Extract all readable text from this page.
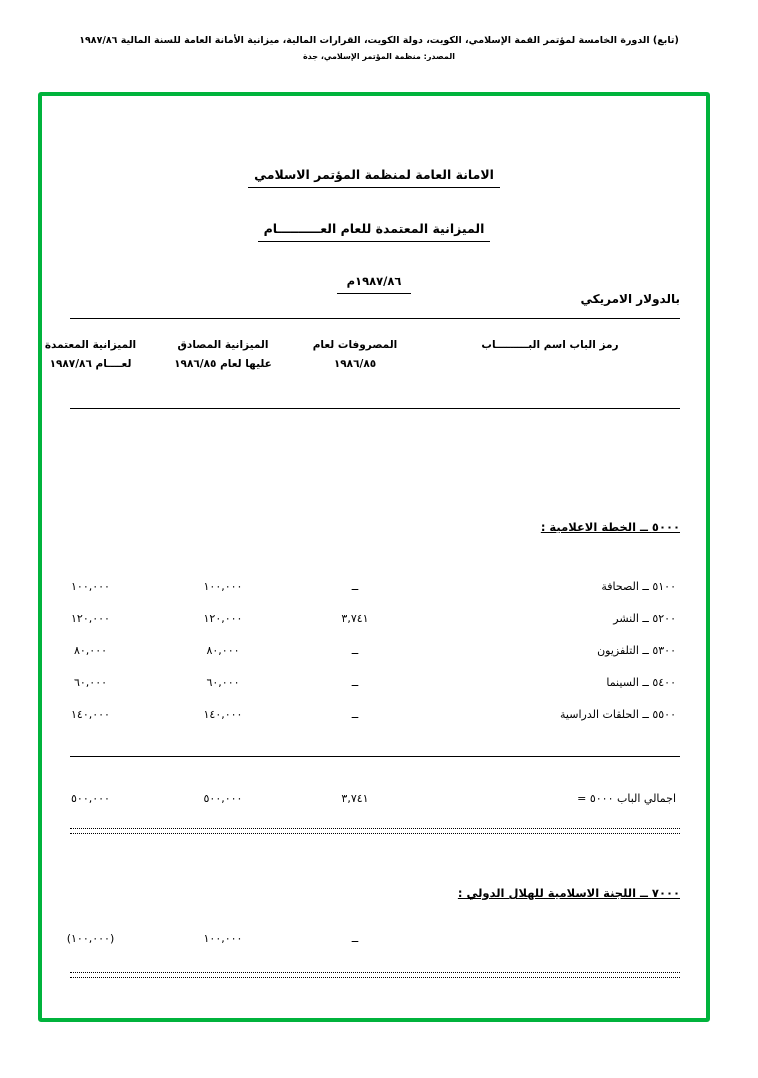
(تابع) الدورة الخامسة لمؤتمر القمة الإسلامي، الكويت، دولة الكويت، القرارات المالية، ميزانية الأمانة العامة للسنة المالية ١٩٨٧/٨٦
المصدر: منظمة المؤتمر الإسلامي، جدة
الامانة العامة لمنظمة المؤتمر الاسلامي
الميزانية المعتمدة للعام العــــــــــام
١٩٨٧/٨٦م
بالدولار الامريكي
رمز الباب اسم البـــــــــاب
المصروفات لعام
١٩٨٦/٨٥
الميزانية المصادق
عليها لعام ١٩٨٦/٨٥
الميزانية المعتمدة
لعــــام ١٩٨٧/٨٦
٥٠٠٠ ــ الخطة الاعلامية :
٥١٠٠ ــ الصحافة
ــ
١٠٠,٠٠٠
١٠٠,٠٠٠
٥٢٠٠ ــ النشر
٣,٧٤١
١٢٠,٠٠٠
١٢٠,٠٠٠
٥٣٠٠ ــ التلفزيون
ــ
٨٠,٠٠٠
٨٠,٠٠٠
٥٤٠٠ ــ السينما
ــ
٦٠,٠٠٠
٦٠,٠٠٠
٥٥٠٠ ــ الحلقات الدراسية
ــ
١٤٠,٠٠٠
١٤٠,٠٠٠
اجمالي الباب ٥٠٠٠ =
٣,٧٤١
٥٠٠,٠٠٠
٥٠٠,٠٠٠
٧٠٠٠ ــ اللجنة الاسلامية للهلال الدولي :
ــ
١٠٠,٠٠٠
(١٠٠,٠٠٠)
